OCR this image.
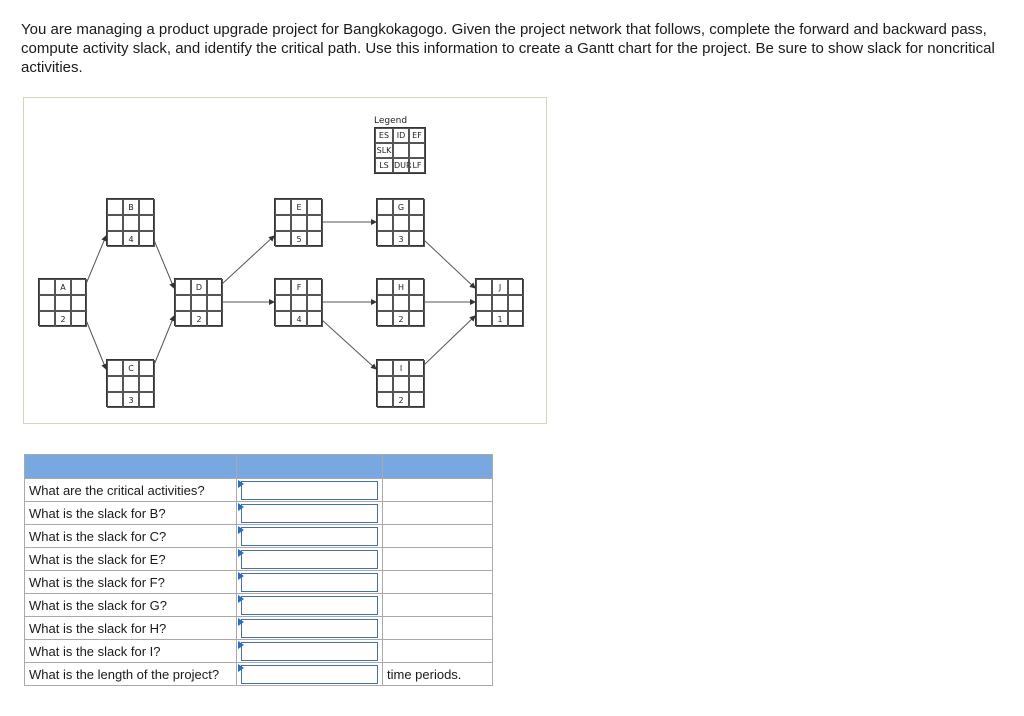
You are managing a product upgrade project for Bangkokagogo. Given the project network that follows, complete the forward and backward pass, compute activity slack, and identify the critical path. Use this information to create a Gantt chart for the project. Be sure to show slack for noncritical activities.

Legend
ES ID EF
SLK
LS DUR LF
A
2
B
4
C
3
D
2
E
5
F
4
G
3
H
2
I
2
J
1

What are the critical activities?	

What is the slack for B?	

What is the slack for C?	

What is the slack for E?	

What is the slack for F?	

What is the slack for G?	

What is the slack for H?	

What is the slack for I?	

What is the length of the project?		time periods.
